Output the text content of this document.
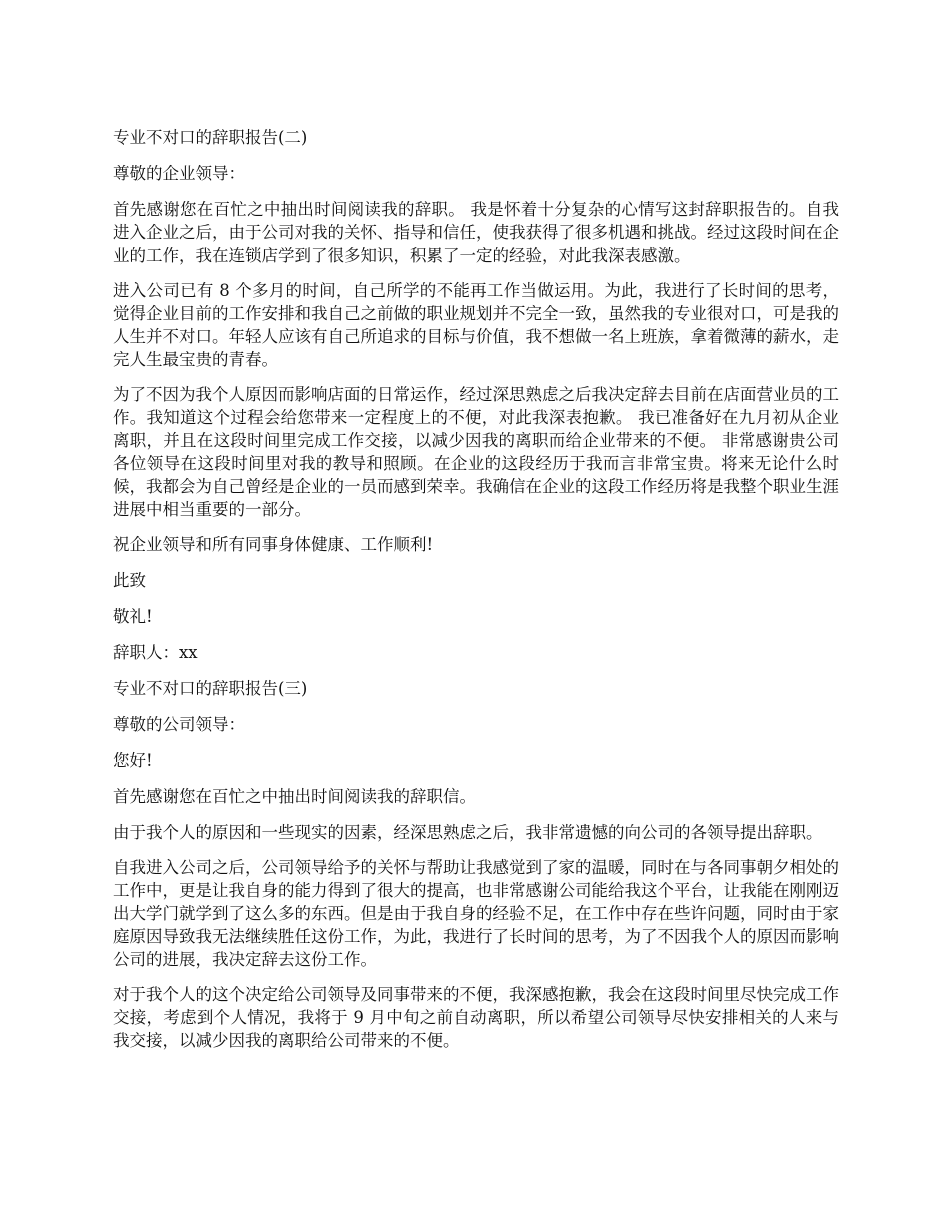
专业不对口的辞职报告(二)

尊敬的企业领导：

首先感谢您在百忙之中抽出时间阅读我的辞职。 我是怀着十分复杂的心情写这封辞职报告的。自我进入企业之后，由于公司对我的关怀、指导和信任，使我获得了很多机遇和挑战。经过这段时间在企业的工作，我在连锁店学到了很多知识，积累了一定的经验，对此我深表感激。

进入公司已有 8 个多月的时间，自己所学的不能再工作当做运用。为此，我进行了长时间的思考，觉得企业目前的工作安排和我自己之前做的职业规划并不完全一致，虽然我的专业很对口，可是我的人生并不对口。年轻人应该有自己所追求的目标与价值，我不想做一名上班族，拿着微薄的薪水，走完人生最宝贵的青春。

为了不因为我个人原因而影响店面的日常运作，经过深思熟虑之后我决定辞去目前在店面营业员的工作。我知道这个过程会给您带来一定程度上的不便，对此我深表抱歉。 我已准备好在九月初从企业离职，并且在这段时间里完成工作交接，以减少因我的离职而给企业带来的不便。 非常感谢贵公司各位领导在这段时间里对我的教导和照顾。在企业的这段经历于我而言非常宝贵。将来无论什么时候，我都会为自己曾经是企业的一员而感到荣幸。我确信在企业的这段工作经历将是我整个职业生涯进展中相当重要的一部分。

祝企业领导和所有同事身体健康、工作顺利!

此致

敬礼!

辞职人：xx

专业不对口的辞职报告(三)

尊敬的公司领导：

您好!

首先感谢您在百忙之中抽出时间阅读我的辞职信。

由于我个人的原因和一些现实的因素，经深思熟虑之后，我非常遗憾的向公司的各领导提出辞职。

自我进入公司之后，公司领导给予的关怀与帮助让我感觉到了家的温暖，同时在与各同事朝夕相处的工作中，更是让我自身的能力得到了很大的提高，也非常感谢公司能给我这个平台，让我能在刚刚迈出大学门就学到了这么多的东西。但是由于我自身的经验不足，在工作中存在些许问题，同时由于家庭原因导致我无法继续胜任这份工作，为此，我进行了长时间的思考，为了不因我个人的原因而影响公司的进展，我决定辞去这份工作。

对于我个人的这个决定给公司领导及同事带来的不便，我深感抱歉，我会在这段时间里尽快完成工作交接，考虑到个人情况，我将于 9 月中旬之前自动离职，所以希望公司领导尽快安排相关的人来与我交接，以减少因我的离职给公司带来的不便。
